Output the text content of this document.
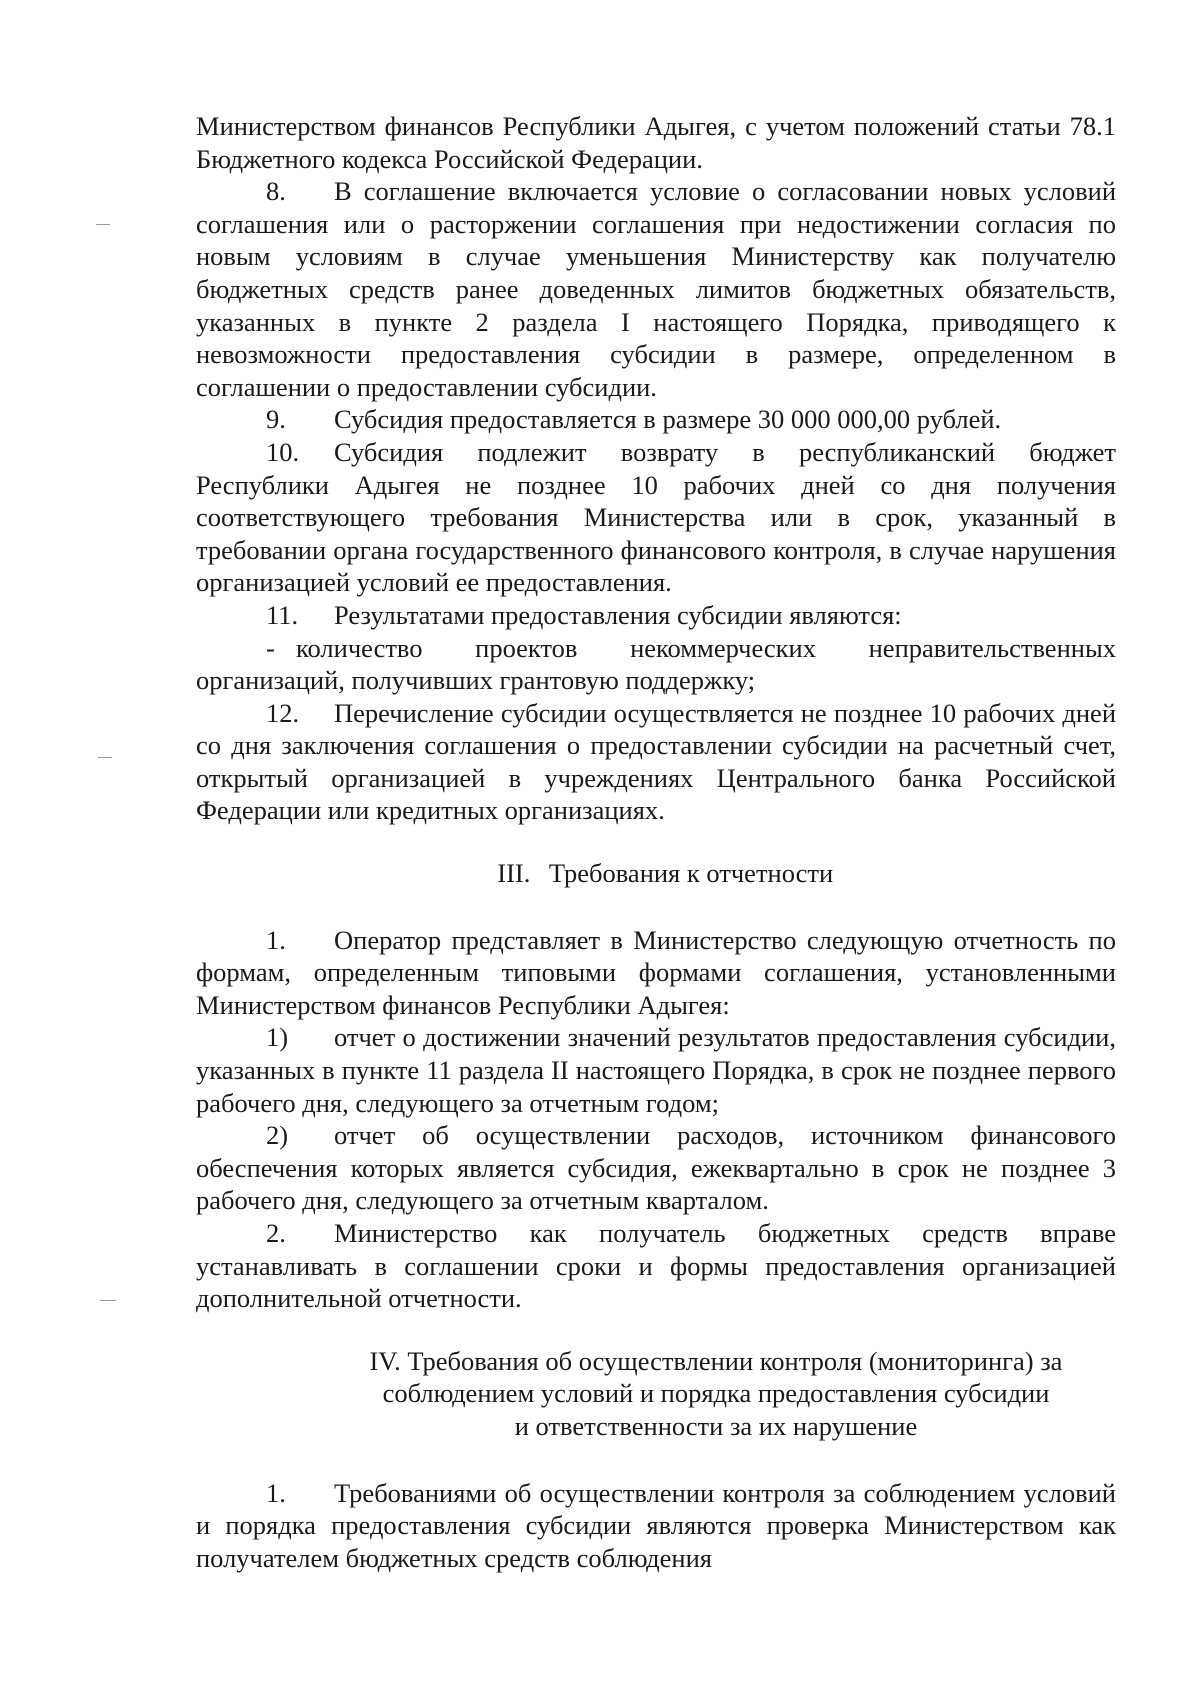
Министерством финансов Республики Адыгея, с учетом положений статьи 78.1 Бюджетного кодекса Российской Федерации.

8. В соглашение включается условие о согласовании новых условий соглашения или о расторжении соглашения при недостижении согласия по новым условиям в случае уменьшения Министерству как получателю бюджетных средств ранее доведенных лимитов бюджетных обязательств, указанных в пункте 2 раздела I настоящего Порядка, приводящего к невозможности предоставления субсидии в размере, определенном в соглашении о предоставлении субсидии.

9. Субсидия предоставляется в размере 30 000 000,00 рублей.

10. Субсидия подлежит возврату в республиканский бюджет Республики Адыгея не позднее 10 рабочих дней со дня получения соответствующего требования Министерства или в срок, указанный в требовании органа государственного финансового контроля, в случае нарушения организацией условий ее предоставления.

11. Результатами предоставления субсидии являются:

- количество проектов некоммерческих неправительственных организаций, получивших грантовую поддержку;

12. Перечисление субсидии осуществляется не позднее 10 рабочих дней со дня заключения соглашения о предоставлении субсидии на расчетный счет, открытый организацией в учреждениях Центрального банка Российской Федерации или кредитных организациях.

III. Требования к отчетности

1. Оператор представляет в Министерство следующую отчетность по формам, определенным типовыми формами соглашения, установленными Министерством финансов Республики Адыгея:

1) отчет о достижении значений результатов предоставления субсидии, указанных в пункте 11 раздела II настоящего Порядка, в срок не позднее первого рабочего дня, следующего за отчетным годом;

2) отчет об осуществлении расходов, источником финансового обеспечения которых является субсидия, ежеквартально в срок не позднее 3 рабочего дня, следующего за отчетным кварталом.

2. Министерство как получатель бюджетных средств вправе устанавливать в соглашении сроки и формы предоставления организацией дополнительной отчетности.

IV. Требования об осуществлении контроля (мониторинга) за
соблюдением условий и порядка предоставления субсидии
и ответственности за их нарушение

1. Требованиями об осуществлении контроля за соблюдением условий и порядка предоставления субсидии являются проверка Министерством как получателем бюджетных средств соблюдения
